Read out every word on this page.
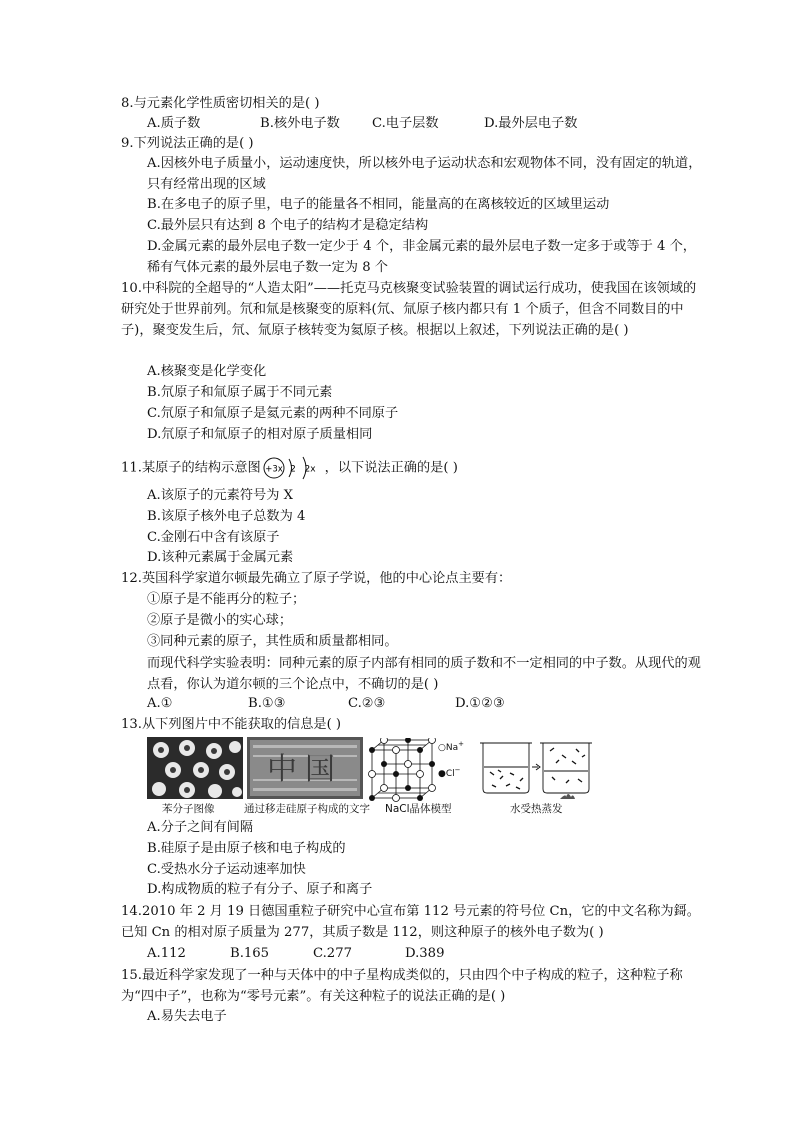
8.与元素化学性质密切相关的是( )
A.质子数	B.核外电子数 C.电子层数	D.最外层电子数
9.下列说法正确的是( )
A.因核外电子质量小，运动速度快，所以核外电子运动状态和宏观物体不同，没有固定的轨道，只有经常出现的区域
B.在多电子的原子里，电子的能量各不相同，能量高的在离核较近的区域里运动
C.最外层只有达到 8 个电子的结构才是稳定结构
D.金属元素的最外层电子数一定少于 4 个，非金属元素的最外层电子数一定多于或等于 4 个，稀有气体元素的最外层电子数一定为 8 个
10.中科院的全超导的“人造太阳”——托克马克核聚变试验装置的调试运行成功，使我国在该领域的研究处于世界前列。氘和氚是核聚变的原料(氘、氚原子核内都只有 1 个质子，但含不同数目的中子)，聚变发生后，氘、氚原子核转变为氦原子核。根据以上叙述，下列说法正确的是( )
A.核聚变是化学变化
B.氘原子和氚原子属于不同元素
C.氘原子和氚原子是氦元素的两种不同原子
D.氘原子和氚原子的相对原子质量相同
11.某原子的结构示意图 +3x 2 2x ，以下说法正确的是( )
A.该原子的元素符号为 X
B.该原子核外电子总数为 4
C.金刚石中含有该原子
D.该种元素属于金属元素
12.英国科学家道尔顿最先确立了原子学说，他的中心论点主要有：
①原子是不能再分的粒子；
②原子是微小的实心球；
③同种元素的原子，其性质和质量都相同。
而现代科学实验表明：同种元素的原子内部有相同的质子数和不一定相同的中子数。从现代的观点看，你认为道尔顿的三个论点中，不确切的是( )
A.①	B.①③	C.②③	D.①②③
13.从下列图片中不能获取的信息是( )
苯分子图像
中国
通过移走硅原子构成的文字
○Na+
●Cl−
NaCl晶体模型	水受热蒸发
A.分子之间有间隔
B.硅原子是由原子核和电子构成的
C.受热水分子运动速率加快
D.构成物质的粒子有分子、原子和离子
14.2010 年 2 月 19 日德国重粒子研究中心宣布第 112 号元素的符号位 Cn，它的中文名称为鎶。已知 Cn 的相对原子质量为 277，其质子数是 112，则这种原子的核外电子数为( )
A.112	B.165	C.277	D.389
15.最近科学家发现了一种与天体中的中子星构成类似的，只由四个中子构成的粒子，这种粒子称为“四中子”，也称为“零号元素”。有关这种粒子的说法正确的是( )
A.易失去电子
